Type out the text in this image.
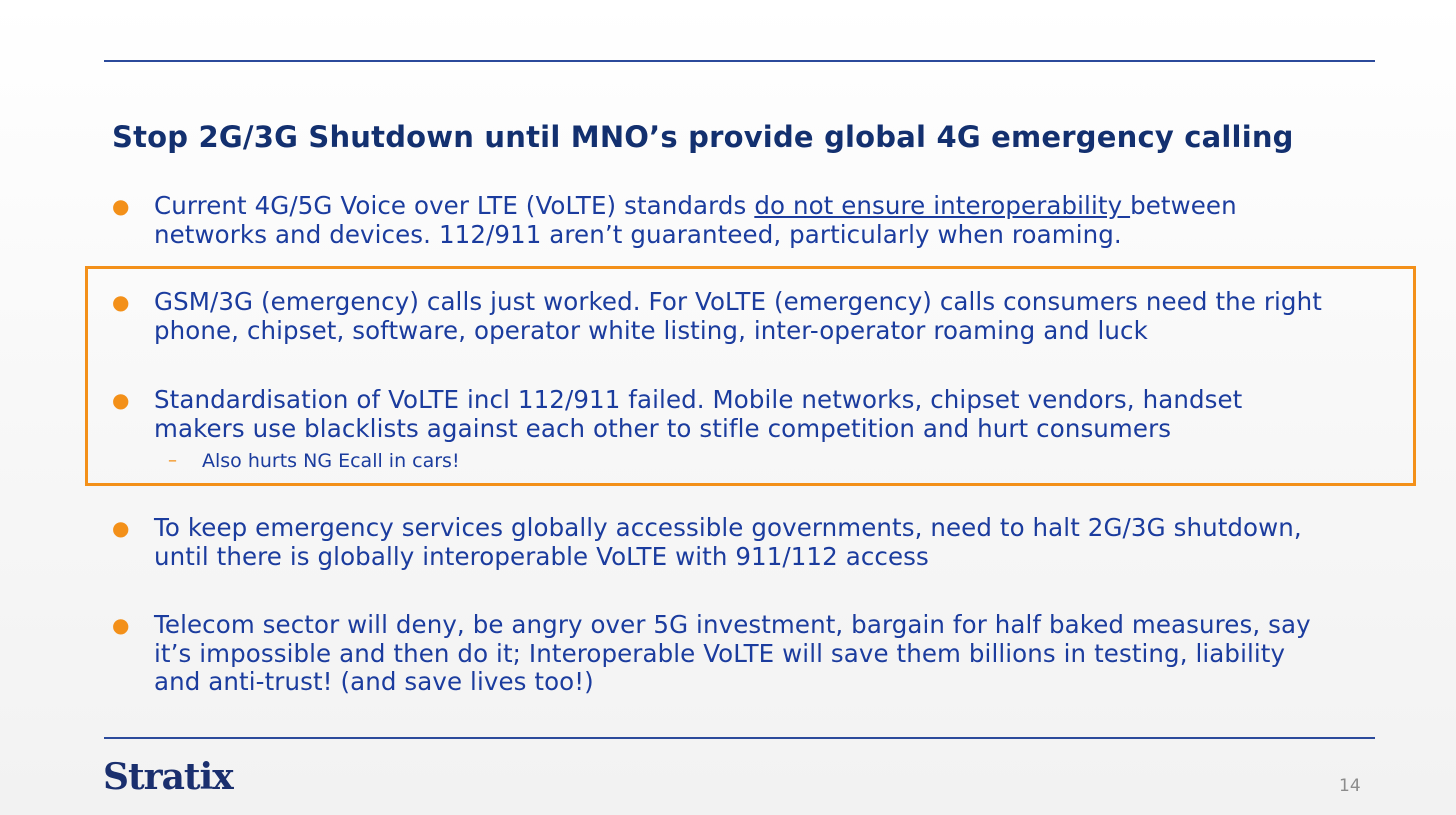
Stop 2G/3G Shutdown until MNO’s provide global 4G emergency calling
●	Current 4G/5G Voice over LTE (VoLTE) standards do not ensure interoperability between
networks and devices. 112/911 aren’t guaranteed, particularly when roaming.
●	GSM/3G (emergency) calls just worked. For VoLTE (emergency) calls consumers need the right
phone, chipset, software, operator white listing, inter-operator roaming and luck
●	Standardisation of VoLTE incl 112/911 failed. Mobile networks, chipset vendors, handset
makers use blacklists against each other to stifle competition and hurt consumers
–	Also hurts NG Ecall in cars!
●	To keep emergency services globally accessible governments, need to halt 2G/3G shutdown,
until there is globally interoperable VoLTE with 911/112 access
●	Telecom sector will deny, be angry over 5G investment, bargain for half baked measures, say
it’s impossible and then do it; Interoperable VoLTE will save them billions in testing, liability
and anti-trust! (and save lives too!)
Stratix	14
